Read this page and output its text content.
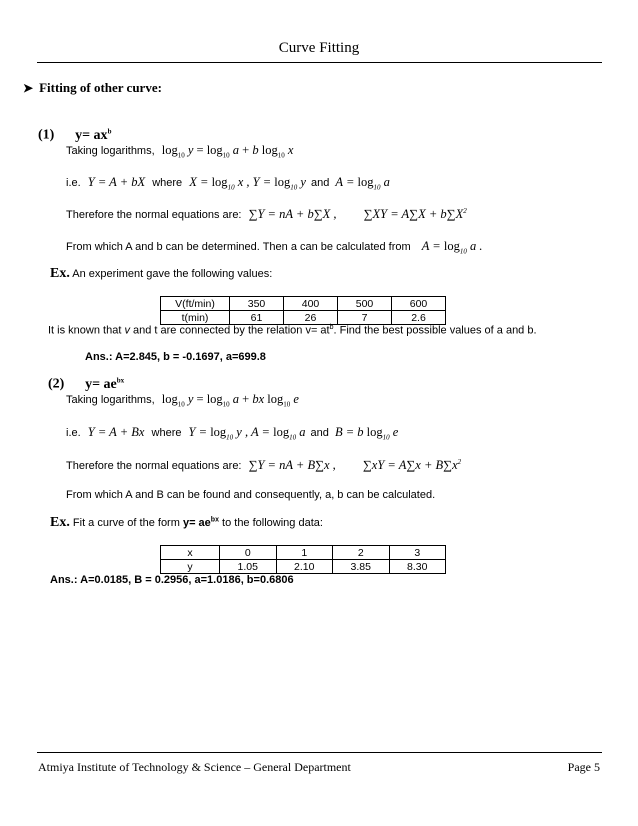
Curve Fitting
➤ Fitting of other curve:
(1) $y= ax^b$
Taking logarithms, $\log_{10} y = \log_{10} a + b$ $\log_{10} x$
i.e. Y = A + bX where $X = \log_{10} x$ , $Y = \log_{10} y$ and $A = \log_{10} a$
Therefore the normal equations are: ∑Y = nA + b∑X , $\sum XY = A\sum X + b\sum X^2$
From which A and b can be determined. Then a can be calculated from $A = \log_{10} a$ .
Ex. An experiment gave the following values:
V(ft/min)	350	400	500	600
t(min)	61	26	7	2.6
It is known that v and t are connected by the relation $v= at^b$. Find the best possible values of a and b.
Ans.: A=2.845, b = -0.1697, a=699.8
(2) $y= ae^{bx}$
Taking logarithms, $\log_{10} y = \log_{10} a$ + bx $\log_{10} e$
i.e. Y = A + Bx where $Y = \log_{10} y$ , $A = \log_{10} a$ and B = b $\log_{10} e$
Therefore the normal equations are: ∑Y = nA + B∑x , $\sum xY = A\sum x + B\sum x^2$
From which A and B can be found and consequently, a, b can be calculated.
Ex. Fit a curve of the form $y= ae^{bx}$ to the following data:
x	0	1	2	3
y	1.05	2.10	3.85	8.30
Ans.: A=0.0185, B = 0.2956, a=1.0186, b=0.6806
Atmiya Institute of Technology & Science – General Department	Page 5
